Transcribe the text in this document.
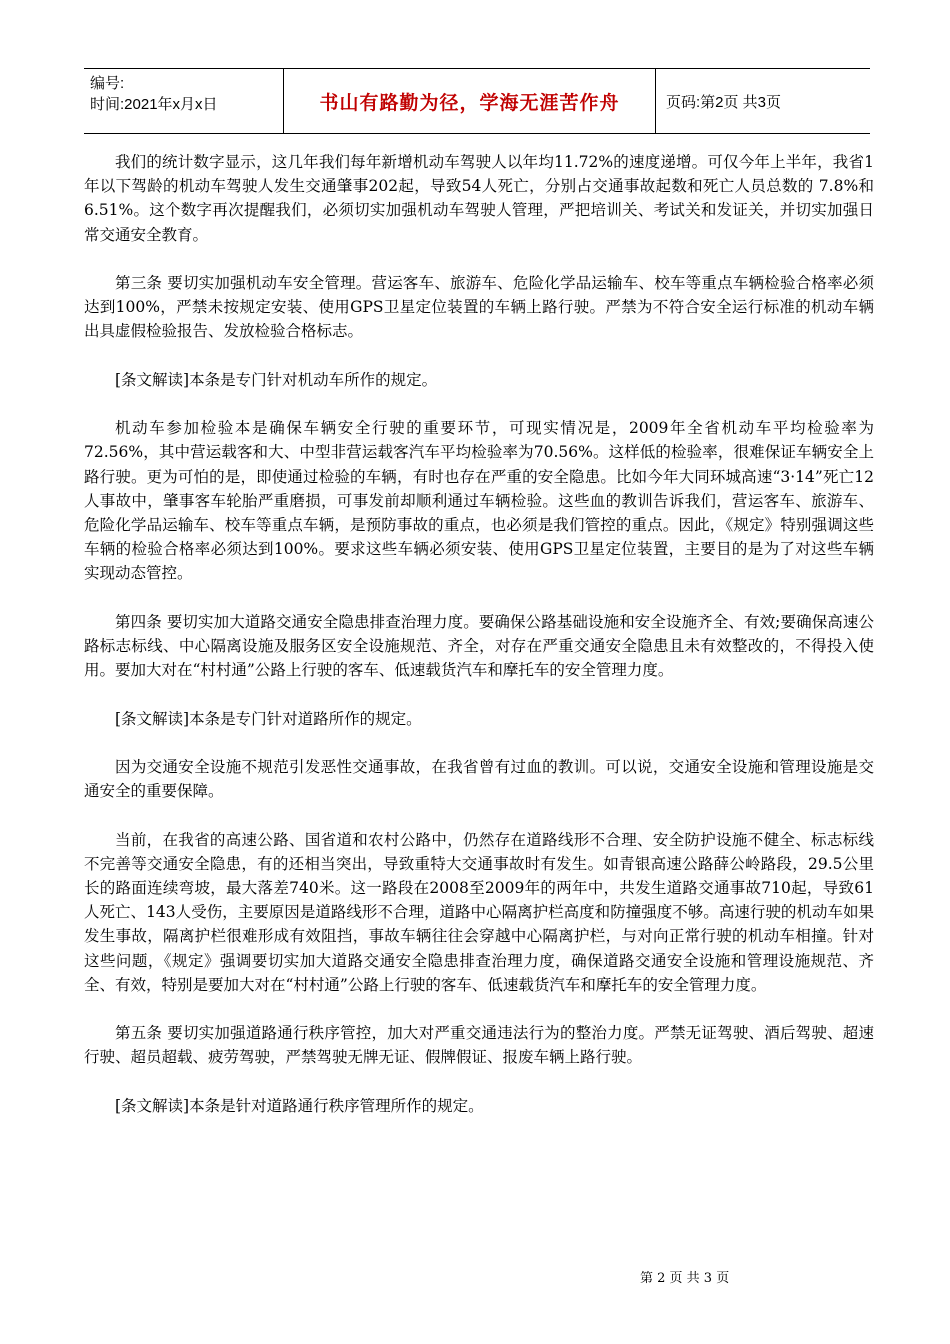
编号:
时间:2021年x月x日	书山有路勤为径，学海无涯苦作舟	页码:第2页 共3页

我们的统计数字显示，这几年我们每年新增机动车驾驶人以年均11.72%的速度递增。可仅今年上半年，我省1年以下驾龄的机动车驾驶人发生交通肇事202起，导致54人死亡，分别占交通事故起数和死亡人员总数的 7.8%和6.51%。这个数字再次提醒我们，必须切实加强机动车驾驶人管理，严把培训关、考试关和发证关，并切实加强日常交通安全教育。

第三条 要切实加强机动车安全管理。营运客车、旅游车、危险化学品运输车、校车等重点车辆检验合格率必须达到100%，严禁未按规定安装、使用GPS卫星定位装置的车辆上路行驶。严禁为不符合安全运行标准的机动车辆出具虚假检验报告、发放检验合格标志。

[条文解读]本条是专门针对机动车所作的规定。

机动车参加检验本是确保车辆安全行驶的重要环节，可现实情况是，2009年全省机动车平均检验率为72.56%，其中营运载客和大、中型非营运载客汽车平均检验率为70.56%。这样低的检验率，很难保证车辆安全上路行驶。更为可怕的是，即使通过检验的车辆，有时也存在严重的安全隐患。比如今年大同环城高速“3·14”死亡12人事故中，肇事客车轮胎严重磨损，可事发前却顺利通过车辆检验。这些血的教训告诉我们，营运客车、旅游车、危险化学品运输车、校车等重点车辆，是预防事故的重点，也必须是我们管控的重点。因此，《规定》特别强调这些车辆的检验合格率必须达到100%。要求这些车辆必须安装、使用GPS卫星定位装置，主要目的是为了对这些车辆实现动态管控。

第四条 要切实加大道路交通安全隐患排查治理力度。要确保公路基础设施和安全设施齐全、有效;要确保高速公路标志标线、中心隔离设施及服务区安全设施规范、齐全，对存在严重交通安全隐患且未有效整改的，不得投入使用。要加大对在“村村通”公路上行驶的客车、低速载货汽车和摩托车的安全管理力度。

[条文解读]本条是专门针对道路所作的规定。

因为交通安全设施不规范引发恶性交通事故，在我省曾有过血的教训。可以说，交通安全设施和管理设施是交通安全的重要保障。

当前，在我省的高速公路、国省道和农村公路中，仍然存在道路线形不合理、安全防护设施不健全、标志标线不完善等交通安全隐患，有的还相当突出，导致重特大交通事故时有发生。如青银高速公路薛公岭路段，29.5公里长的路面连续弯坡，最大落差740米。这一路段在2008至2009年的两年中，共发生道路交通事故710起，导致61人死亡、143人受伤，主要原因是道路线形不合理，道路中心隔离护栏高度和防撞强度不够。高速行驶的机动车如果发生事故，隔离护栏很难形成有效阻挡，事故车辆往往会穿越中心隔离护栏，与对向正常行驶的机动车相撞。针对这些问题，《规定》强调要切实加大道路交通安全隐患排查治理力度，确保道路交通安全设施和管理设施规范、齐全、有效，特别是要加大对在“村村通”公路上行驶的客车、低速载货汽车和摩托车的安全管理力度。

第五条 要切实加强道路通行秩序管控，加大对严重交通违法行为的整治力度。严禁无证驾驶、酒后驾驶、超速行驶、超员超载、疲劳驾驶，严禁驾驶无牌无证、假牌假证、报废车辆上路行驶。

[条文解读]本条是针对道路通行秩序管理所作的规定。

第 2 页 共 3 页
